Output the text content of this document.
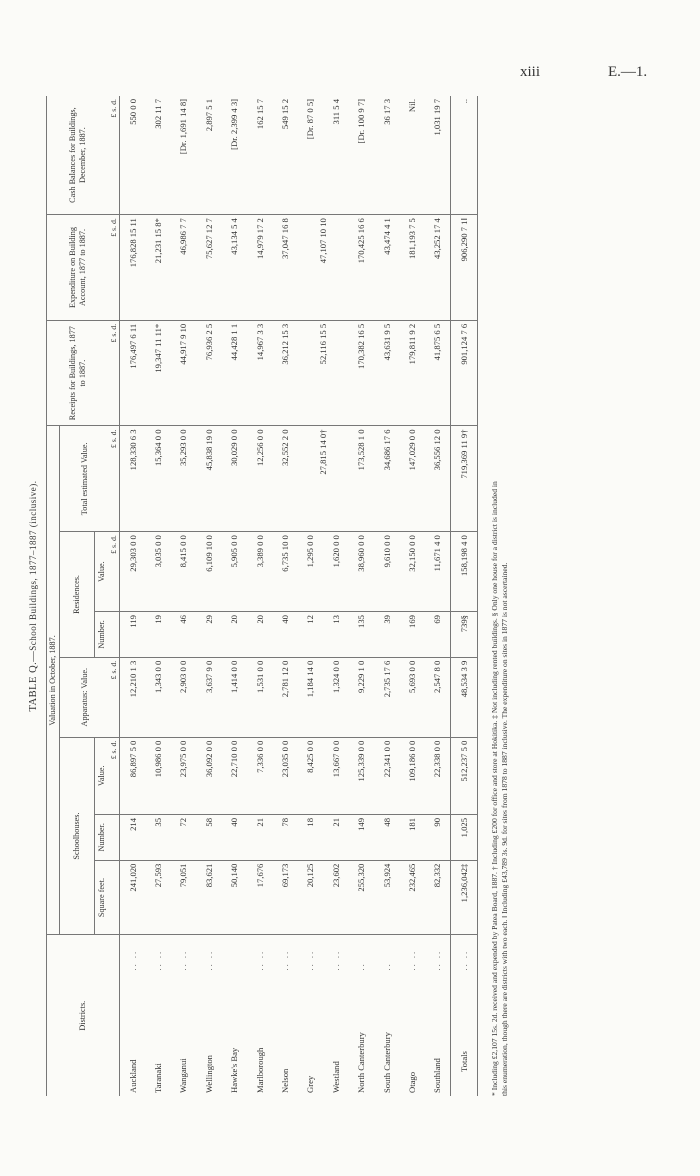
xiii	E.—1.
TABLE Q.—School Buildings, 1877–1887 (inclusive).
Districts.		Valuation in October, 1887.							Receipts for Buildings, 1877 to 1887.	Expenditure on Building Account, 1877 to 1887.	Cash Balances for Buildings, December, 1887.
		Schoolhouses.			Apparatus: Value.	Residences.		Total estimated Value.			
		Square feet.	Number.	Value.		Number.	Value.				
				£ s. d.	£ s. d.		£ s. d.	£ s. d.	£ s. d.	£ s. d.	£ s. d.
Auckland	.. ..	241,020	214	86,897 5 0	12,210 1 3	119	29,303 0 0	128,330 6 3	176,497 6 11	176,828 15 11	550 0 0
Taranaki	.. ..	27,593	35	10,986 0 0	1,343 0 0	19	3,035 0 0	15,364 0 0	19,347 11 11*	21,231 15 8*	302 11 7
Wanganui	.. ..	79,051	72	23,975 0 0	2,903 0 0	46	8,415 0 0	35,293 0 0	44,917 9 10	46,986 7 7	[Dr. 1,691 14 8]
Wellington	.. ..	83,621	58	36,092 0 0	3,637 9 0	29	6,109 10 0	45,838 19 0	76,936 2 5	75,627 12 7	2,897 5 1
Hawke's Bay		50,140	40	22,710 0 0	1,414 0 0	20	5,905 0 0	30,029 0 0	44,428 1 1	43,134 5 4	[Dr. 2,399 4 3]
Marlborough	.. ..	17,676	21	7,336 0 0	1,531 0 0	20	3,389 0 0	12,256 0 0	14,967 3 3	14,979 17 2	162 15 7
Nelson	.. ..	69,173	78	23,035 0 0	2,781 12 0	40	6,735 10 0	32,552 2 0	36,212 15 3	37,047 16 8	549 15 2
Grey	.. ..	20,125	18	8,425 0 0	1,184 14 0	12	1,295 0 0	27,815 14 0†	52,116 15 5	47,107 10 10	[Dr. 87 0 5]
Westland	.. ..	23,602	21	13,667 0 0	1,324 0 0	13	1,620 0 0				311 5 4
North Canterbury	..	255,320	149	125,339 0 0	9,229 1 0	135	38,960 0 0	173,528 1 0	170,382 16 5	170,425 16 6	[Dr. 100 9 7]
South Canterbury	..	53,924	48	22,341 0 0	2,735 17 6	39	9,610 0 0	34,686 17 6	43,631 9 5	43,474 4 1	36 17 3
Otago	.. ..	232,465	181	109,186 0 0	5,693 0 0	169	32,150 0 0	147,029 0 0	179,811 9 2	181,193 7 5	Nil.
Southland	.. ..	82,332	90	22,338 0 0	2,547 8 0	69	11,671 4 0	36,556 12 0	41,875 6 5	43,252 17 4	1,031 19 7
Totals	.. ..	1,236,042‡	1,025	512,237 5 0	48,534 3 9	739§	158,198 4 0	719,369 11 9†	901,124 7 6	906,290 7 1‖	..
* Including £2,107 15s. 2d. received and expended by Patea Board, 1887. † Including £200 for office and store at Hokitika. ‡ Not including rented buildings. § Only one house for a district is included in this enumeration, though there are districts with two each. ‖ Including £43,789 3s. 9d. for sites from 1878 to 1887 inclusive. The expenditure on sites in 1877 is not ascertained.
